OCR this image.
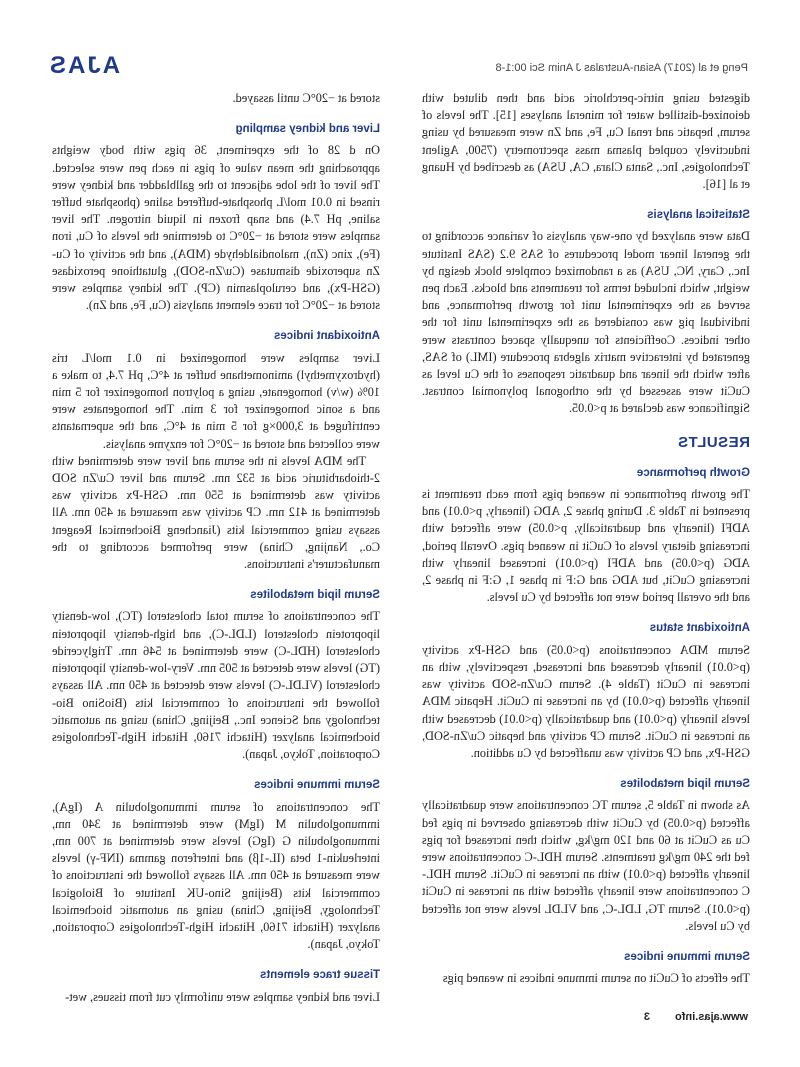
Peng et al (2017) Asian-Australas J Anim Sci 00:1-8
AJAS

stored at −20°C until assayed.

Liver and kidney sampling

On d 28 of the experiment, 36 pigs with body weights approaching the mean value of pigs in each pen were selected. The liver of the lobe adjacent to the gallbladder and kidney were rinsed in 0.01 mol/L phosphate-buffered saline (phosphate buffer saline, pH 7.4) and snap frozen in liquid nitrogen. The liver samples were stored at −20°C to determine the levels of Cu, iron (Fe), zinc (Zn), malondialdehyde (MDA), and the activity of Cu-Zn superoxide dismutase (Cu/Zn-SOD), glutathione peroxidase (GSH-Px), and ceruloplasmin (CP). The kidney samples were stored at −20°C for trace element analysis (Cu, Fe, and Zn).

Antioxidant indices

Liver samples were homogenized in 0.1 mol/L tris (hydroxymethyl) aminomethane buffer at 4°C, pH 7.4, to make a 10% (w/v) homogenate, using a polytron homogenizer for 5 min and a sonic homogenizer for 3 min. The homogenates were centrifuged at 3,000×g for 5 min at 4°C, and the supernatants were collected and stored at −20°C for enzyme analysis.

The MDA levels in the serum and liver were determined with 2-thiobarbituric acid at 532 nm. Serum and liver Cu/Zn SOD activity was determined at 550 nm. GSH-Px activity was determined at 412 nm. CP activity was measured at 450 nm. All assays using commercial kits (Jiancheng Biochemical Reagent Co., Nanjing, China) were performed according to the manufacturer's instructions.

Serum lipid metabolites

The concentrations of serum total cholesterol (TC), low-density lipoprotein cholesterol (LDL-C), and high-density lipoprotein cholesterol (HDL-C) were determined at 546 nm. Triglyceride (TG) levels were detected at 505 nm. Very-low-density lipoprotein cholesterol (VLDL-C) levels were detected at 450 nm. All assays followed the instructions of commercial kits (BioSino Bio-technology and Science Inc., Beijing, China) using an automatic biochemical analyzer (Hitachi 7160, Hitachi High-Technologies Corporation, Tokyo, Japan).

Serum immune indices

The concentrations of serum immunoglobulin A (IgA), immunoglobulin M (IgM) were determined at 340 nm, immunoglobulin G (IgG) levels were determined at 700 nm, interleukin-1 beta (IL-1β) and interferon gamma (INF-γ) levels were measured at 450 nm. All assays followed the instructions of commercial kits (Beijing Sino-UK Institute of Biological Technology, Beijing, China) using an automatic biochemical analyzer (Hitachi 7160, Hitachi High-Technologies Corporation, Tokyo, Japan).

Tissue trace elements

Liver and kidney samples were uniformly cut from tissues, wet-

digested using nitric-perchloric acid and then diluted with deionized-distilled water for mineral analyses [15]. The levels of serum, hepatic and renal Cu, Fe, and Zn were measured by using inductively coupled plasma mass spectrometry (7500, Agilent Technologies, Inc., Santa Clara, CA, USA) as described by Huang et al [16].

Statistical analysis

Data were analyzed by one-way analysis of variance according to the general linear model procedures of SAS 9.2 (SAS Institute Inc., Cary, NC, USA) as a randomized complete block design by weight, which included terms for treatments and blocks. Each pen served as the experimental unit for growth performance, and individual pig was considered as the experimental unit for the other indices. Coefficients for unequally spaced contrasts were generated by interactive matrix algebra procedure (IML) of SAS, after which the linear and quadratic responses of the Cu level as CuCit were assessed by the orthogonal polynomial contrast. Significance was declared at p<0.05.

RESULTS
Growth performance

The growth performance in weaned pigs from each treatment is presented in Table 3. During phase 2, ADG (linearly, p<0.01) and ADFI (linearly and quadratically, p<0.05) were affected with increasing dietary levels of CuCit in weaned pigs. Overall period, ADG (p<0.05) and ADFI (p<0.01) increased linearly with increasing CuCit, but ADG and G:F in phase 1, G:F in phase 2, and the overall period were not affected by Cu levels.

Antioxidant status

Serum MDA concentrations (p<0.05) and GSH-Px activity (p<0.01) linearly decreased and increased, respectively, with an increase in CuCit (Table 4). Serum Cu/Zn-SOD activity was linearly affected (p<0.01) by an increase in CuCit. Hepatic MDA levels linearly (p<0.01) and quadratically (p<0.01) decreased with an increase in CuCit. Serum CP activity and hepatic Cu/Zn-SOD, GSH-Px, and CP activity was unaffected by Cu addition.

Serum lipid metabolites

As shown in Table 5, serum TC concentrations were quadratically affected (p<0.05) by CuCit with decreasing observed in pigs fed Cu as CuCit at 60 and 120 mg/kg, which then increased for pigs fed the 240 mg/kg treatments. Serum HDL-C concentrations were linearly affected (p<0.01) with an increase in CuCit. Serum HDL-C concentrations were linearly affected with an increase in CuCit (p<0.01). Serum TG, LDL-C, and VLDL levels were not affected by Cu levels.

Serum immune indices

The effects of CuCit on serum immune indices in weaned pigs

www.ajas.info
3
